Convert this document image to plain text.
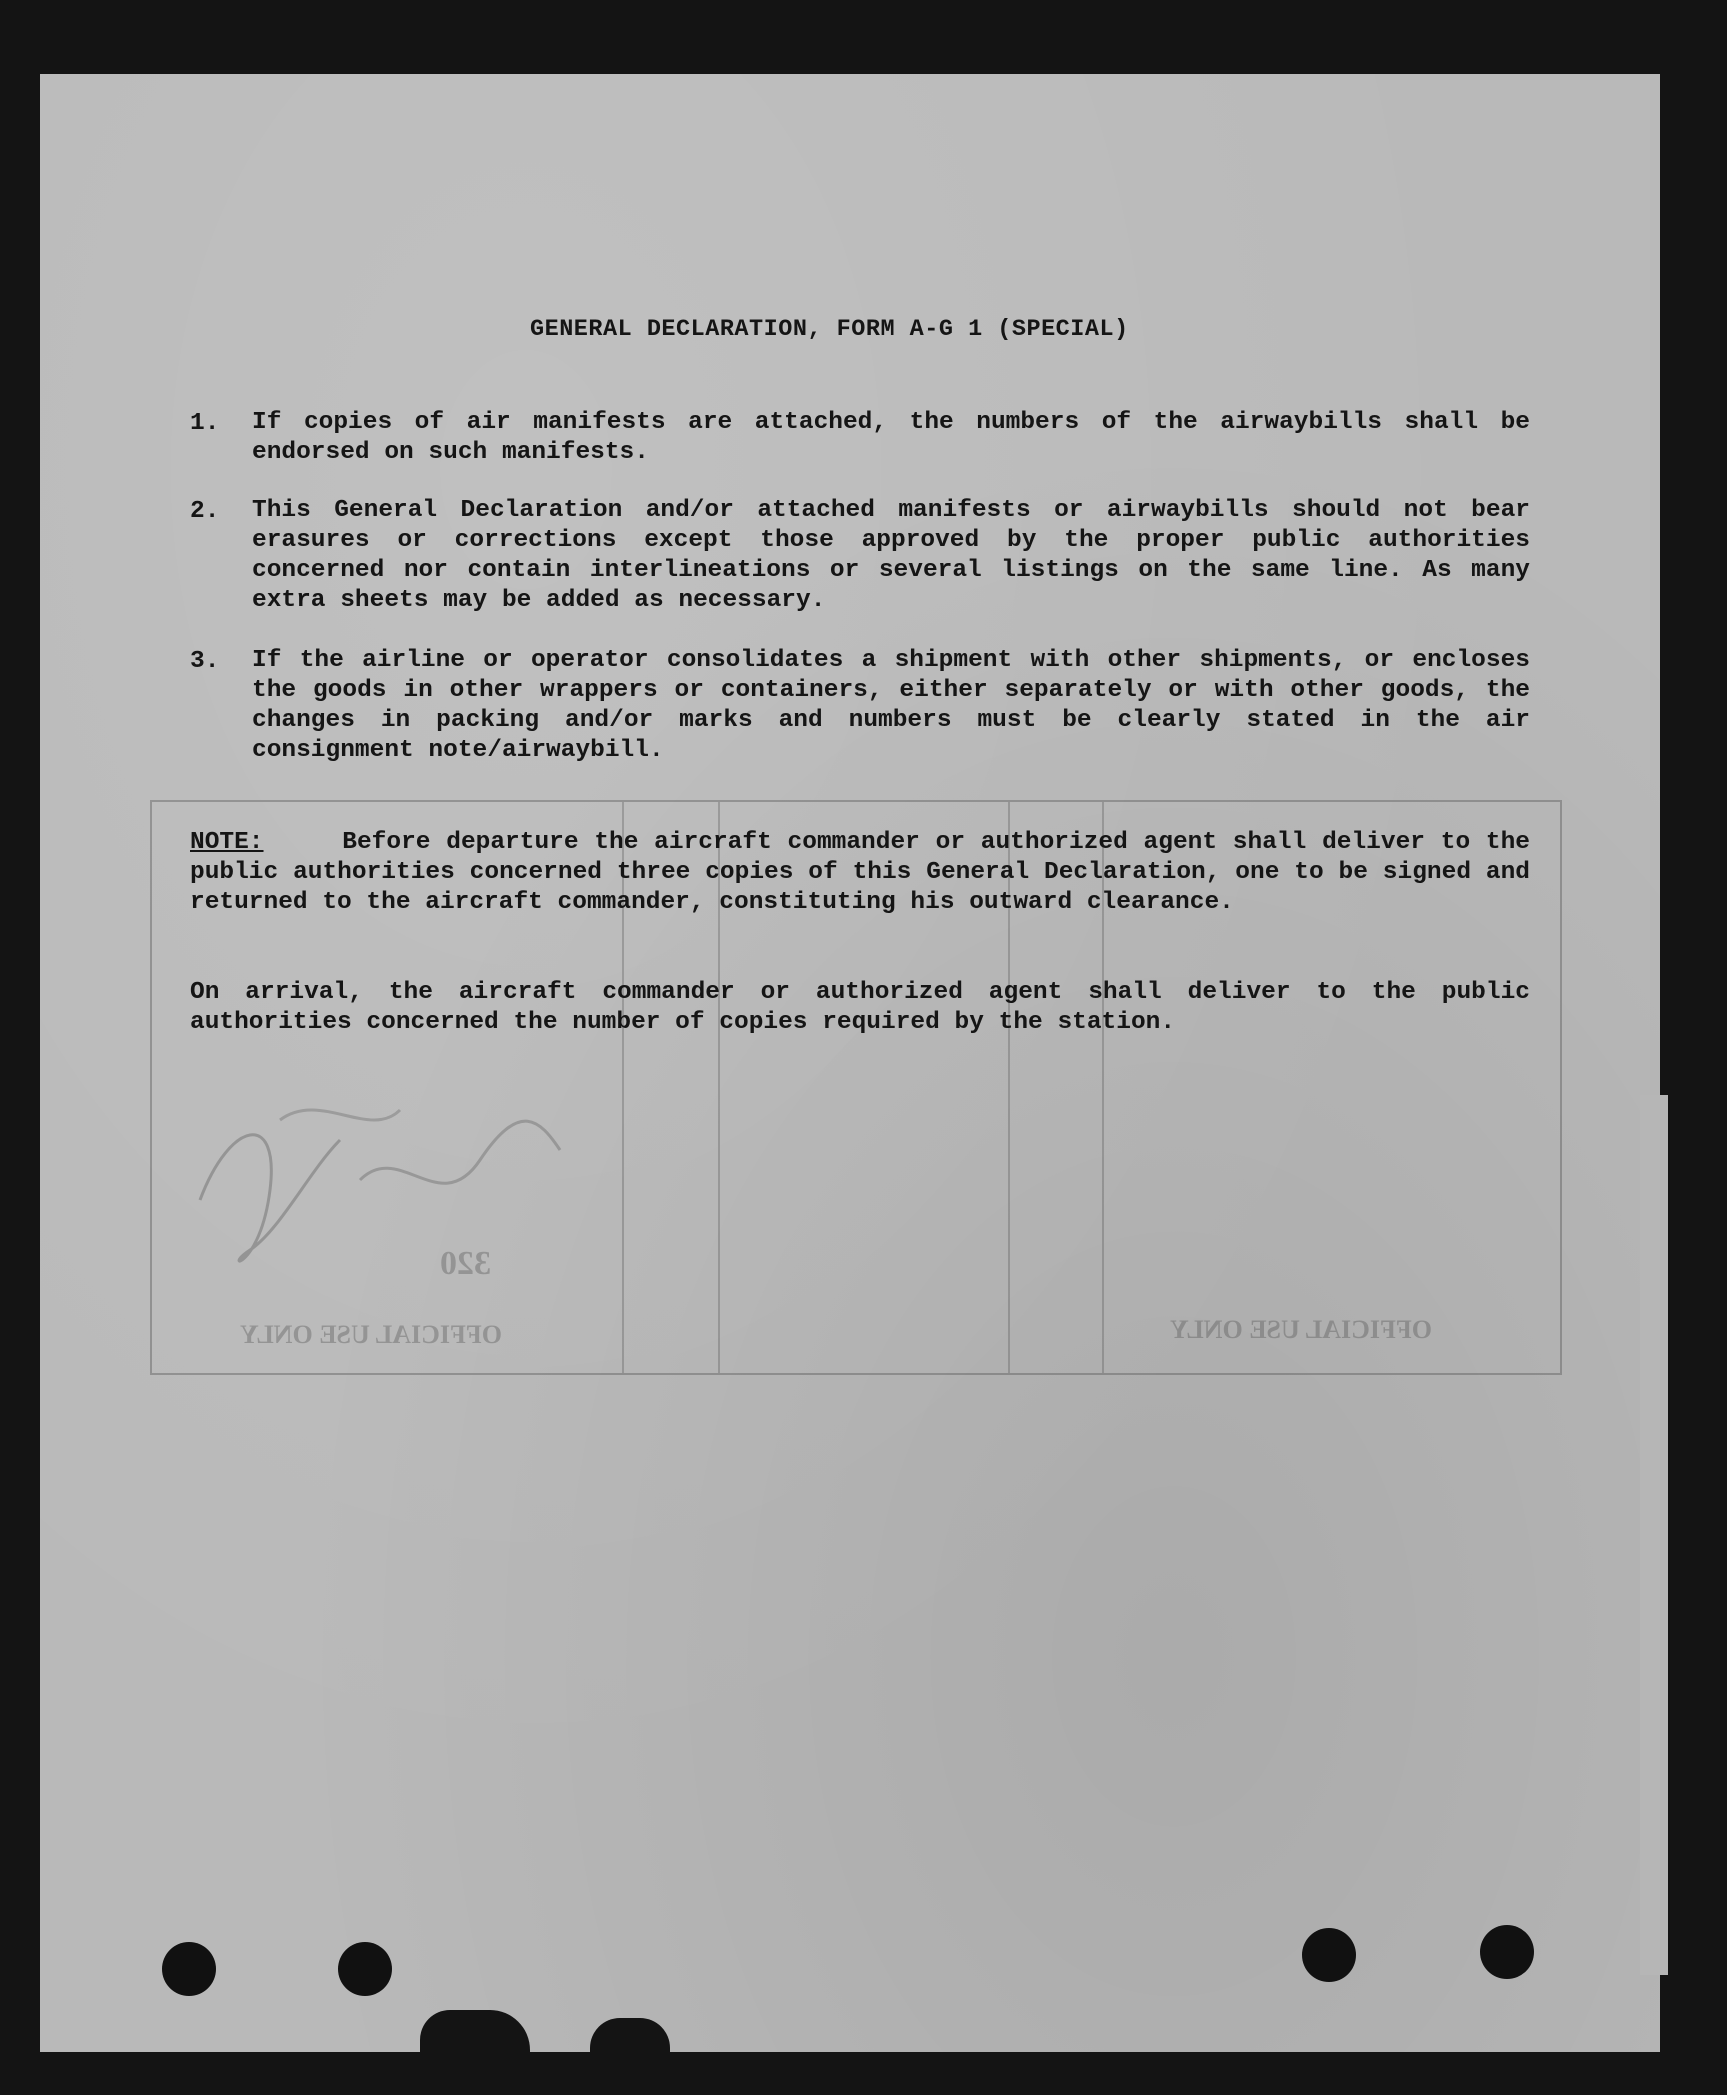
320
OFFICIAL USE ONLY	OFFICIAL USE ONLY
GENERAL DECLARATION, FORM A-G 1 (SPECIAL)
1. If copies of air manifests are attached, the numbers of the airwaybills shall be endorsed on such manifests.

2. This General Declaration and/or attached manifests or airwaybills should not bear erasures or corrections except those approved by the proper public authorities concerned nor contain interlineations or several listings on the same line. As many extra sheets may be added as necessary.

3. If the airline or operator consolidates a shipment with other shipments, or encloses the goods in other wrappers or containers, either separately or with other goods, the changes in packing and/or marks and numbers must be clearly stated in the air consignment note/airwaybill.

NOTE:	Before departure the aircraft commander or authorized agent shall deliver to the public authorities concerned three copies of this General Declaration, one to be signed and returned to the aircraft commander, constituting his outward clearance.

On arrival, the aircraft commander or authorized agent shall deliver to the public authorities concerned the number of copies required by the station.
